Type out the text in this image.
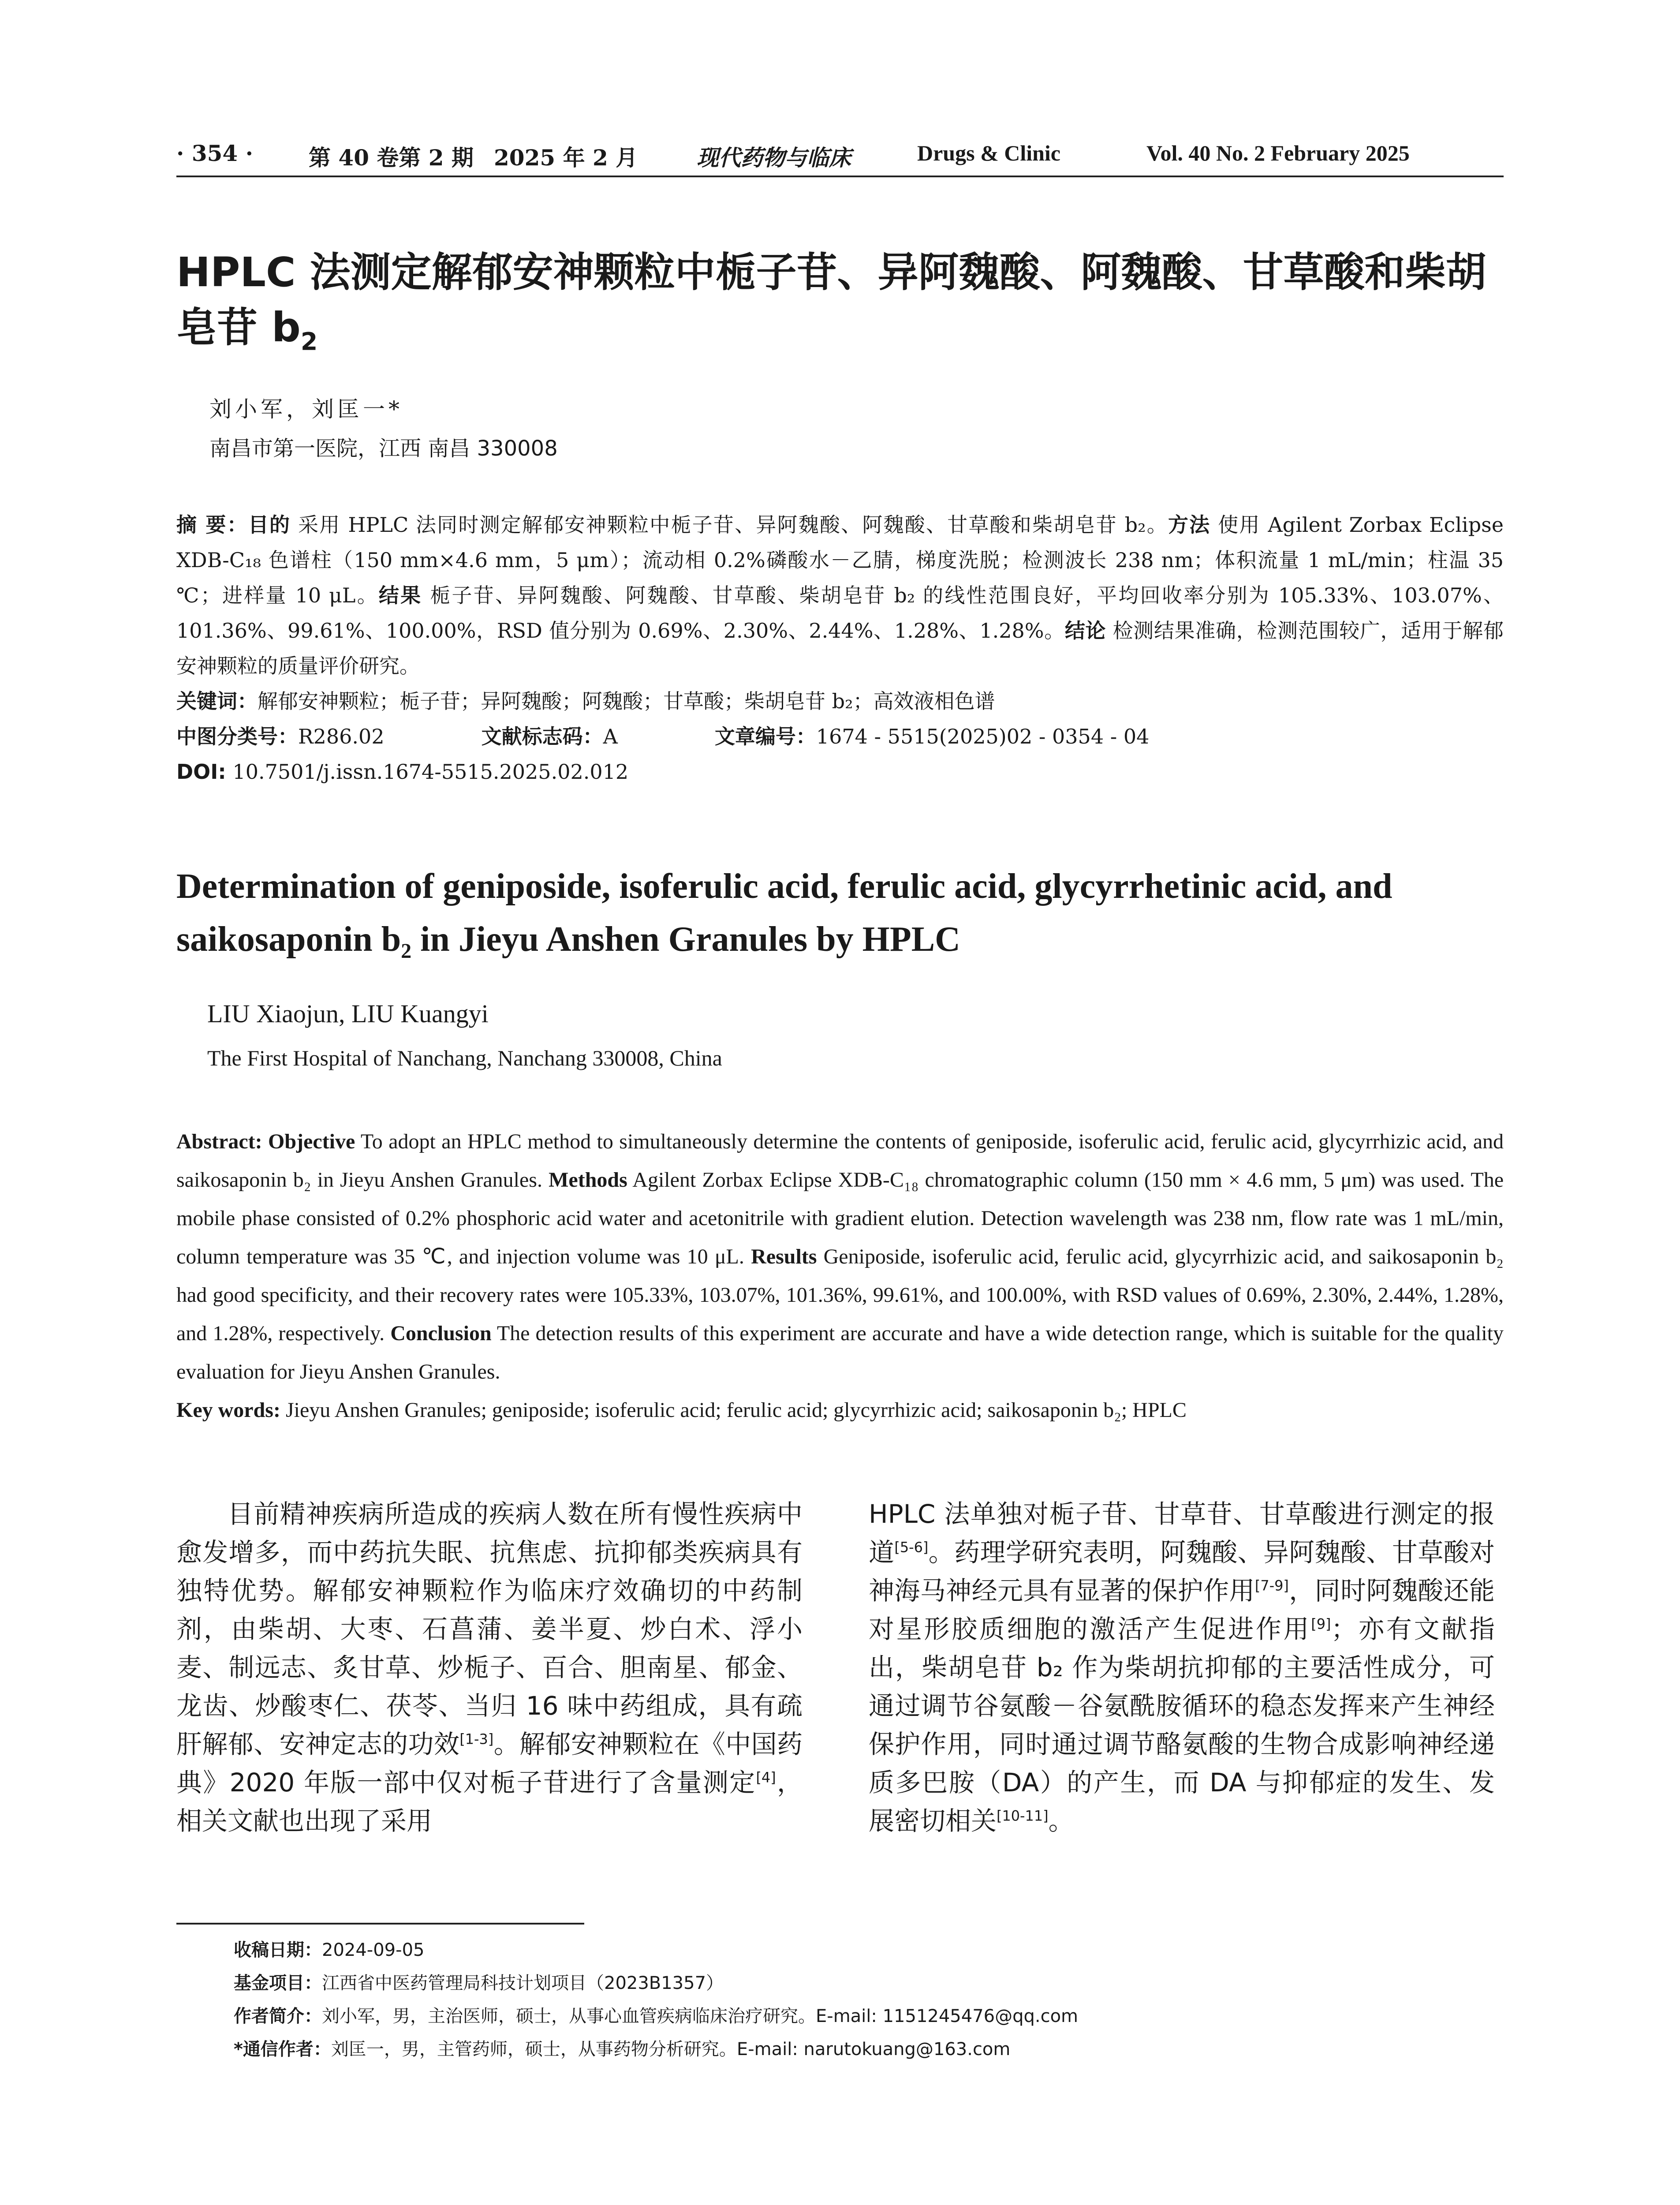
· 354 ·	第 40 卷第 2 期 2025 年 2 月	现代药物与临床	Drugs & Clinic	Vol. 40 No. 2 February 2025
HPLC 法测定解郁安神颗粒中栀子苷、异阿魏酸、阿魏酸、甘草酸和柴胡
皂苷 $b_2$
刘小军，刘匡一*
南昌市第一医院，江西 南昌 330008

摘 要：目的 采用 HPLC 法同时测定解郁安神颗粒中栀子苷、异阿魏酸、阿魏酸、甘草酸和柴胡皂苷 b₂。方法 使用 Agilent Zorbax Eclipse XDB-C₁₈ 色谱柱（150 mm×4.6 mm，5 μm）；流动相 0.2%磷酸水－乙腈，梯度洗脱；检测波长 238 nm；体积流量 1 mL/min；柱温 35 ℃；进样量 10 μL。结果 栀子苷、异阿魏酸、阿魏酸、甘草酸、柴胡皂苷 b₂ 的线性范围良好，平均回收率分别为 105.33%、103.07%、101.36%、99.61%、100.00%，RSD 值分别为 0.69%、2.30%、2.44%、1.28%、1.28%。结论 检测结果准确，检测范围较广，适用于解郁安神颗粒的质量评价研究。

关键词：解郁安神颗粒；栀子苷；异阿魏酸；阿魏酸；甘草酸；柴胡皂苷 b₂；高效液相色谱

中图分类号：R286.02	文献标志码：A	文章编号：1674 - 5515(2025)02 - 0354 - 04

DOI: 10.7501/j.issn.1674-5515.2025.02.012

Determination of geniposide, isoferulic acid, ferulic acid, glycyrrhetinic acid, and saikosaponin b₂ in Jieyu Anshen Granules by HPLC
LIU Xiaojun, LIU Kuangyi
The First Hospital of Nanchang, Nanchang 330008, China

Abstract: Objective To adopt an HPLC method to simultaneously determine the contents of geniposide, isoferulic acid, ferulic acid, glycyrrhizic acid, and saikosaponin b₂ in Jieyu Anshen Granules. Methods Agilent Zorbax Eclipse XDB-C₁₈ chromatographic column (150 mm × 4.6 mm, 5 μm) was used. The mobile phase consisted of 0.2% phosphoric acid water and acetonitrile with gradient elution. Detection wavelength was 238 nm, flow rate was 1 mL/min, column temperature was 35 ℃, and injection volume was 10 μL. Results Geniposide, isoferulic acid, ferulic acid, glycyrrhizic acid, and saikosaponin b₂ had good specificity, and their recovery rates were 105.33%, 103.07%, 101.36%, 99.61%, and 100.00%, with RSD values of 0.69%, 2.30%, 2.44%, 1.28%, and 1.28%, respectively. Conclusion The detection results of this experiment are accurate and have a wide detection range, which is suitable for the quality evaluation for Jieyu Anshen Granules.

Key words: Jieyu Anshen Granules; geniposide; isoferulic acid; ferulic acid; glycyrrhizic acid; saikosaponin b₂; HPLC

目前精神疾病所造成的疾病人数在所有慢性疾病中愈发增多，而中药抗失眠、抗焦虑、抗抑郁类疾病具有独特优势。解郁安神颗粒作为临床疗效确切的中药制剂，由柴胡、大枣、石菖蒲、姜半夏、炒白术、浮小麦、制远志、炙甘草、炒栀子、百合、胆南星、郁金、龙齿、炒酸枣仁、茯苓、当归 16 味中药组成，具有疏肝解郁、安神定志的功效[1-3]。解郁安神颗粒在《中国药典》2020 年版一部中仅对栀子苷进行了含量测定[4]，相关文献也出现了采用
HPLC 法单独对栀子苷、甘草苷、甘草酸进行测定的报道[5-6]。药理学研究表明，阿魏酸、异阿魏酸、甘草酸对神海马神经元具有显著的保护作用[7-9]，同时阿魏酸还能对星形胶质细胞的激活产生促进作用[9]；亦有文献指出，柴胡皂苷 b₂ 作为柴胡抗抑郁的主要活性成分，可通过调节谷氨酸－谷氨酰胺循环的稳态发挥来产生神经保护作用，同时通过调节酪氨酸的生物合成影响神经递质多巴胺（DA）的产生，而 DA 与抑郁症的发生、发展密切相关[10-11]。

收稿日期：2024-09-05

基金项目：江西省中医药管理局科技计划项目（2023B1357）

作者简介：刘小军，男，主治医师，硕士，从事心血管疾病临床治疗研究。E-mail: 1151245476@qq.com

*通信作者：刘匡一，男，主管药师，硕士，从事药物分析研究。E-mail: narutokuang@163.com
